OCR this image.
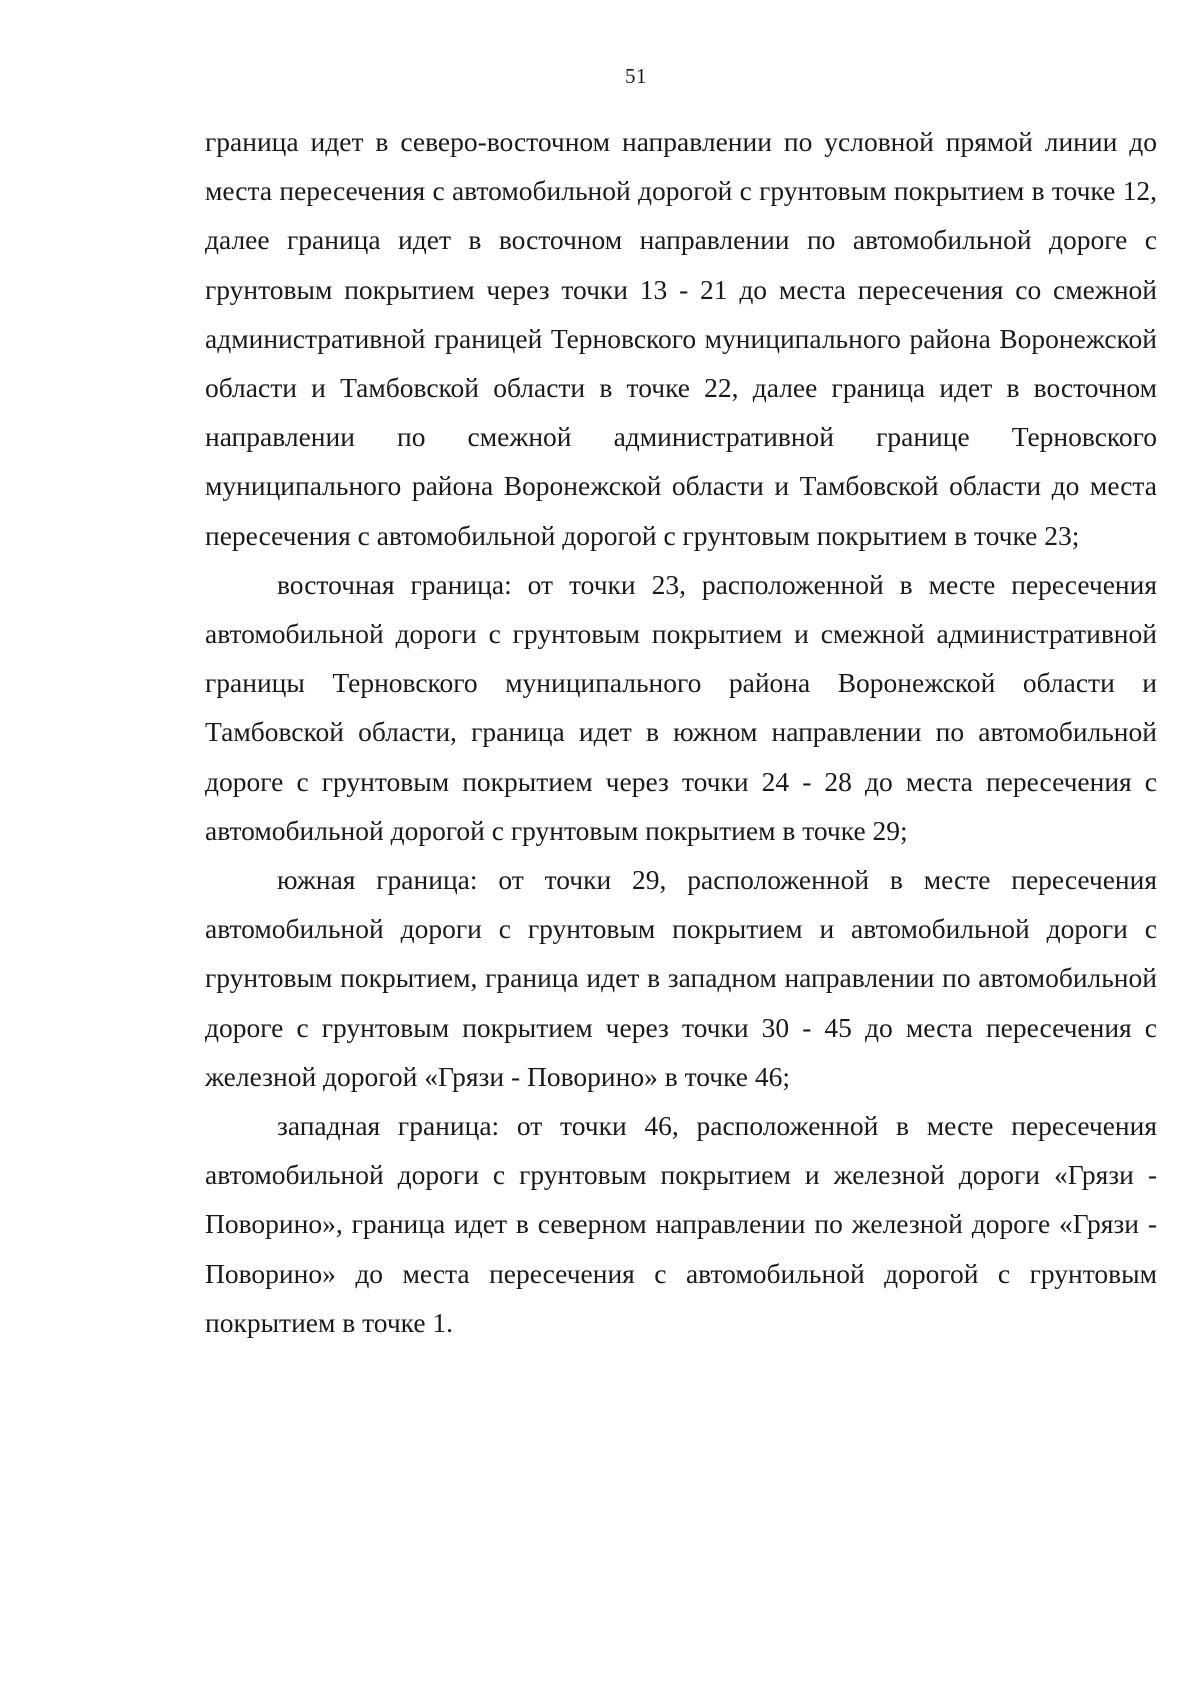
51

граница идет в северо-восточном направлении по условной прямой линии до места пересечения с автомобильной дорогой с грунтовым покрытием в точке 12, далее граница идет в восточном направлении по автомобильной дороге с грунтовым покрытием через точки 13 - 21 до места пересечения со смежной административной границей Терновского муниципального района Воронежской области и Тамбовской области в точке 22, далее граница идет в восточном направлении по смежной административной границе Терновского муниципального района Воронежской области и Тамбовской области до места пересечения с автомобильной дорогой с грунтовым покрытием в точке 23;

восточная граница: от точки 23, расположенной в месте пересечения автомобильной дороги с грунтовым покрытием и смежной административной границы Терновского муниципального района Воронежской области и Тамбовской области, граница идет в южном направлении по автомобильной дороге с грунтовым покрытием через точки 24 - 28 до места пересечения с автомобильной дорогой с грунтовым покрытием в точке 29;

южная граница: от точки 29, расположенной в месте пересечения автомобильной дороги с грунтовым покрытием и автомобильной дороги с грунтовым покрытием, граница идет в западном направлении по автомобильной дороге с грунтовым покрытием через точки 30 - 45 до места пересечения с железной дорогой «Грязи - Поворино» в точке 46;

западная граница: от точки 46, расположенной в месте пересечения автомобильной дороги с грунтовым покрытием и железной дороги «Грязи - Поворино», граница идет в северном направлении по железной дороге «Грязи - Поворино» до места пересечения с автомобильной дорогой с грунтовым покрытием в точке 1.
